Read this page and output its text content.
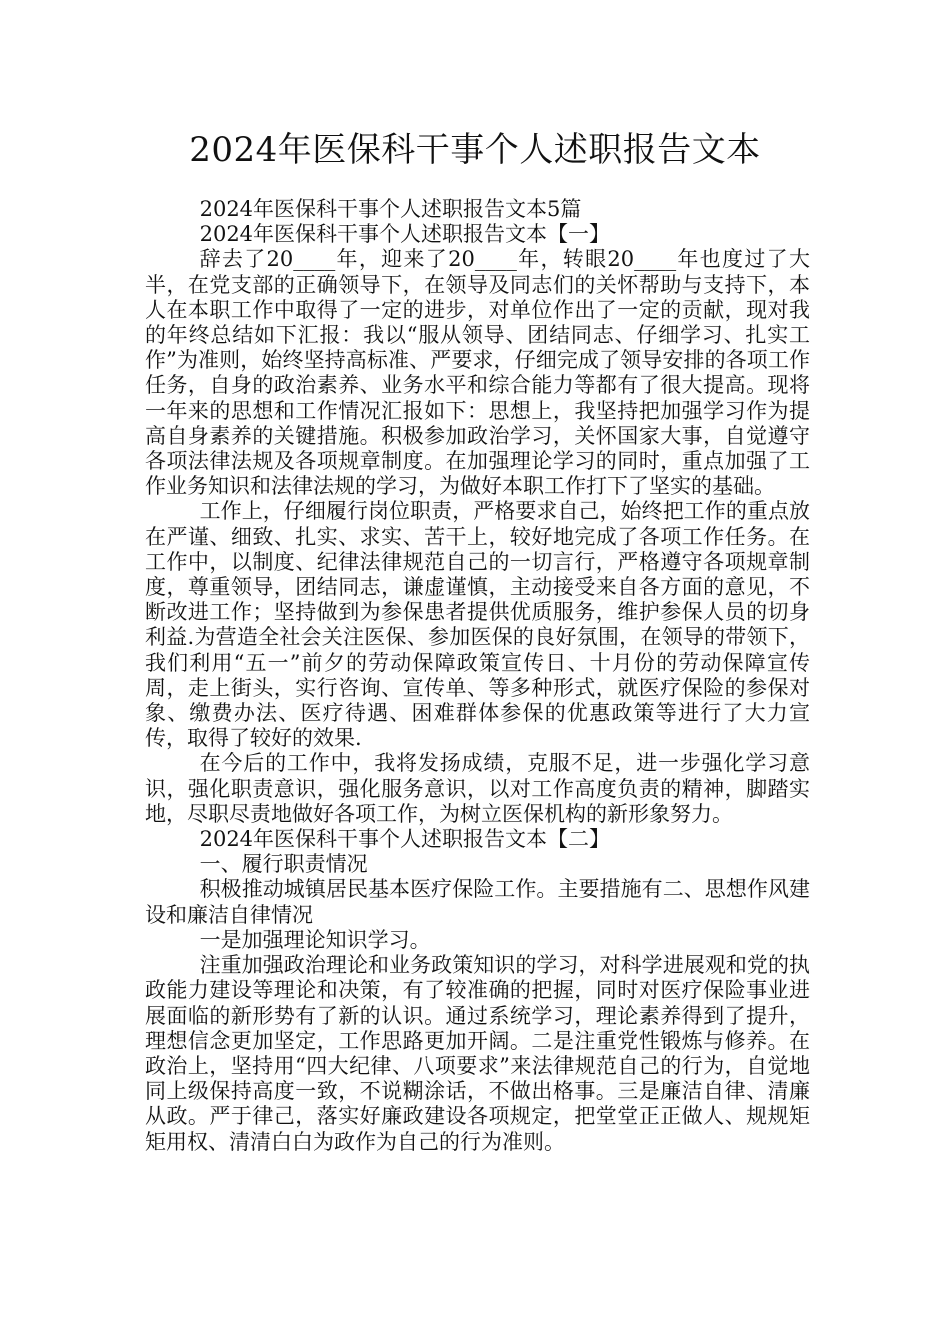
2024年医保科干事个人述职报告文本

2024年医保科干事个人述职报告文本5篇

2024年医保科干事个人述职报告文本【一】

辞去了20____年，迎来了20____年，转眼20____年也度过了大半，在党支部的正确领导下，在领导及同志们的关怀帮助与支持下，本人在本职工作中取得了一定的进步，对单位作出了一定的贡献，现对我的年终总结如下汇报：我以“服从领导、团结同志、仔细学习、扎实工作”为准则，始终坚持高标准、严要求，仔细完成了领导安排的各项工作任务，自身的政治素养、业务水平和综合能力等都有了很大提高。现将一年来的思想和工作情况汇报如下：思想上，我坚持把加强学习作为提高自身素养的关键措施。积极参加政治学习，关怀国家大事，自觉遵守各项法律法规及各项规章制度。在加强理论学习的同时，重点加强了工作业务知识和法律法规的学习，为做好本职工作打下了坚实的基础。

工作上，仔细履行岗位职责，严格要求自己，始终把工作的重点放在严谨、细致、扎实、求实、苦干上，较好地完成了各项工作任务。在工作中，以制度、纪律法律规范自己的一切言行，严格遵守各项规章制度，尊重领导，团结同志，谦虚谨慎，主动接受来自各方面的意见，不断改进工作；坚持做到为参保患者提供优质服务，维护参保人员的切身利益.为营造全社会关注医保、参加医保的良好氛围，在领导的带领下，我们利用“五一”前夕的劳动保障政策宣传日、十月份的劳动保障宣传周，走上街头，实行咨询、宣传单、等多种形式，就医疗保险的参保对象、缴费办法、医疗待遇、困难群体参保的优惠政策等进行了大力宣传，取得了较好的效果.

在今后的工作中，我将发扬成绩，克服不足，进一步强化学习意识，强化职责意识，强化服务意识，以对工作高度负责的精神，脚踏实地，尽职尽责地做好各项工作，为树立医保机构的新形象努力。

2024年医保科干事个人述职报告文本【二】

一、履行职责情况

积极推动城镇居民基本医疗保险工作。主要措施有二、思想作风建设和廉洁自律情况

一是加强理论知识学习。

注重加强政治理论和业务政策知识的学习，对科学进展观和党的执政能力建设等理论和决策，有了较准确的把握，同时对医疗保险事业进展面临的新形势有了新的认识。通过系统学习，理论素养得到了提升，理想信念更加坚定，工作思路更加开阔。二是注重党性锻炼与修养。在政治上，坚持用“四大纪律、八项要求”来法律规范自己的行为，自觉地同上级保持高度一致，不说糊涂话，不做出格事。三是廉洁自律、清廉从政。严于律己，落实好廉政建设各项规定，把堂堂正正做人、规规矩矩用权、清清白白为政作为自己的行为准则。
